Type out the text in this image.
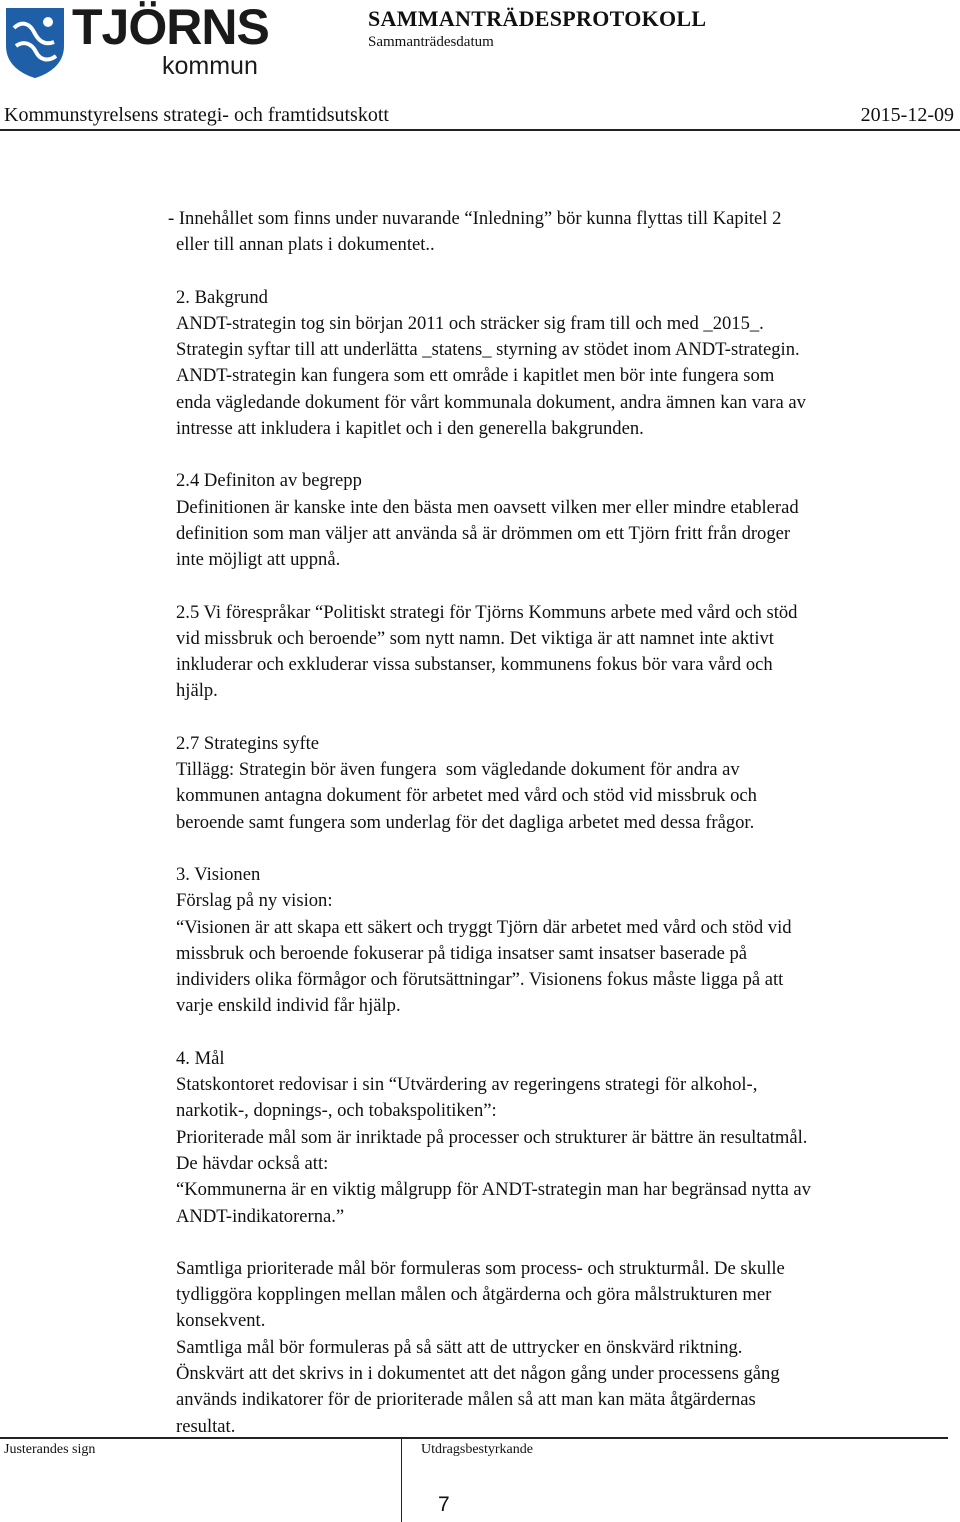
TJÖRNS
kommun
SAMMANTRÄDESPROTOKOLL
Sammanträdesdatum
Kommunstyrelsens strategi- och framtidsutskott	2015-12-09

- Innehållet som finns under nuvarande “Inledning” bör kunna flyttas till Kapitel 2

eller till annan plats i dokumentet..

2. Bakgrund

ANDT-strategin tog sin början 2011 och sträcker sig fram till och med _2015_.

Strategin syftar till att underlätta _statens_ styrning av stödet inom ANDT-strategin.

ANDT-strategin kan fungera som ett område i kapitlet men bör inte fungera som

enda vägledande dokument för vårt kommunala dokument, andra ämnen kan vara av

intresse att inkludera i kapitlet och i den generella bakgrunden.

2.4 Definiton av begrepp

Definitionen är kanske inte den bästa men oavsett vilken mer eller mindre etablerad

definition som man väljer att använda så är drömmen om ett Tjörn fritt från droger

inte möjligt att uppnå.

2.5 Vi förespråkar “Politiskt strategi för Tjörns Kommuns arbete med vård och stöd

vid missbruk och beroende” som nytt namn. Det viktiga är att namnet inte aktivt

inkluderar och exkluderar vissa substanser, kommunens fokus bör vara vård och

hjälp.

2.7 Strategins syfte

Tillägg: Strategin bör även fungera  som vägledande dokument för andra av

kommunen antagna dokument för arbetet med vård och stöd vid missbruk och

beroende samt fungera som underlag för det dagliga arbetet med dessa frågor.

3. Visionen

Förslag på ny vision:

“Visionen är att skapa ett säkert och tryggt Tjörn där arbetet med vård och stöd vid

missbruk och beroende fokuserar på tidiga insatser samt insatser baserade på

individers olika förmågor och förutsättningar”. Visionens fokus måste ligga på att

varje enskild individ får hjälp.

4. Mål

Statskontoret redovisar i sin “Utvärdering av regeringens strategi för alkohol-,

narkotik-, dopnings-, och tobakspolitiken”:

Prioriterade mål som är inriktade på processer och strukturer är bättre än resultatmål.

De hävdar också att:

“Kommunerna är en viktig målgrupp för ANDT-strategin man har begränsad nytta av

ANDT-indikatorerna.”

Samtliga prioriterade mål bör formuleras som process- och strukturmål. De skulle

tydliggöra kopplingen mellan målen och åtgärderna och göra målstrukturen mer

konsekvent.

Samtliga mål bör formuleras på så sätt att de uttrycker en önskvärd riktning.

Önskvärt att det skrivs in i dokumentet att det någon gång under processens gång

används indikatorer för de prioriterade målen så att man kan mäta åtgärdernas

resultat.

Justerandes sign	Utdragsbestyrkande
7
